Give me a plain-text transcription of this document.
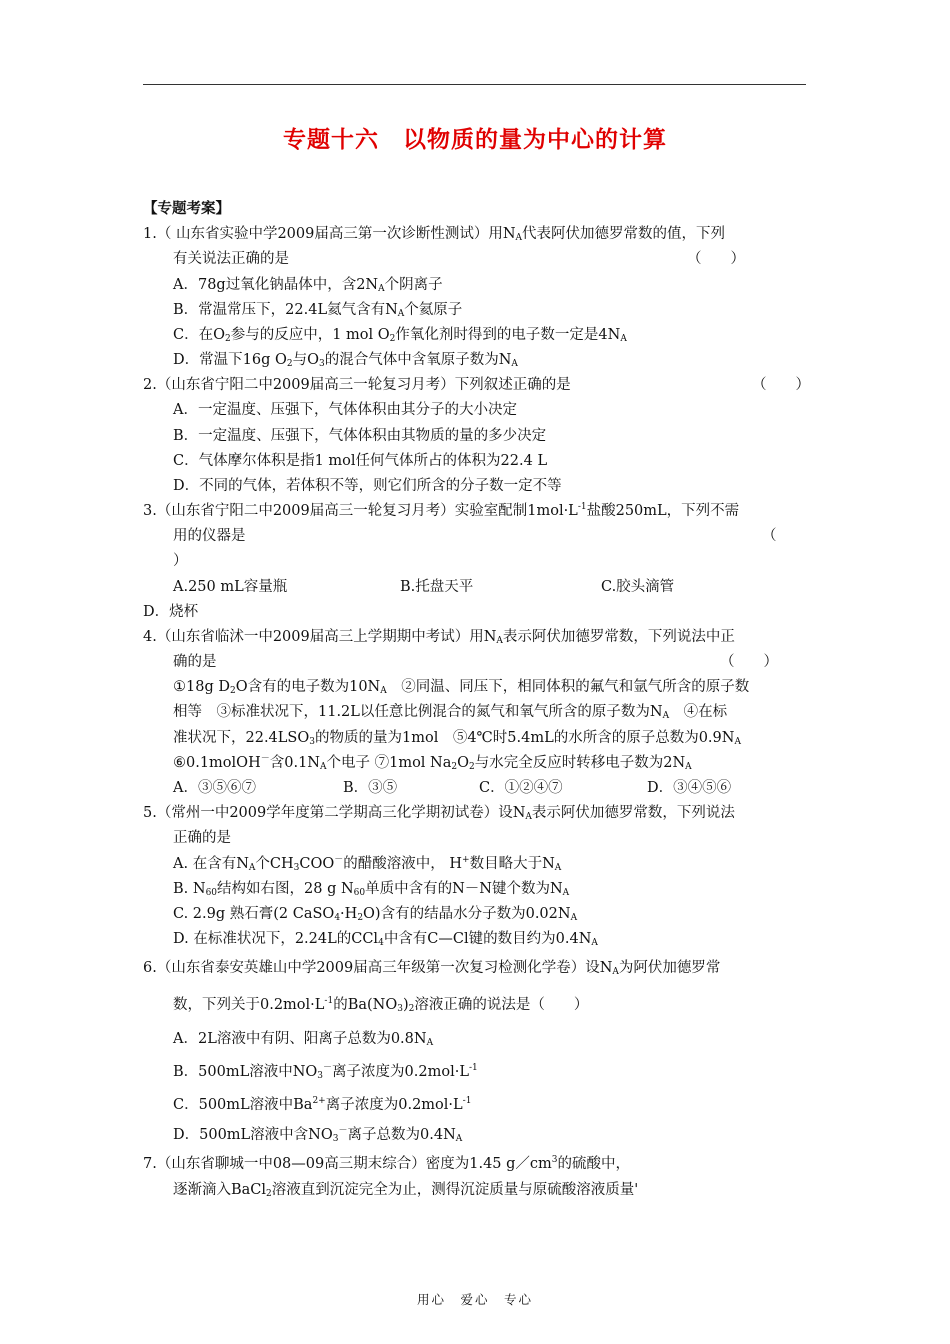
专题十六　以物质的量为中心的计算
【专题考案】
1.（ 山东省实验中学2009届高三第一次诊断性测试）用$N_A$代表阿伏加德罗常数的值，下列
有关说法正确的是	（　　）
A．78g过氧化钠晶体中，含$2N_A$个阴离子
B．常温常压下，22.4L氦气含有$N_A$个氦原子
C．在$O_2$参与的反应中，1 mol $O_2$作氧化剂时得到的电子数一定是$4N_A$
D．常温下16g $O_2$与$O_3$的混合气体中含氧原子数为$N_A$
2.（山东省宁阳二中2009届高三一轮复习月考）下列叙述正确的是	（　　）
A．一定温度、压强下，气体体积由其分子的大小决定
B．一定温度、压强下，气体体积由其物质的量的多少决定
C．气体摩尔体积是指1 mol任何气体所占的体积为22.4 L
D．不同的气体，若体积不等，则它们所含的分子数一定不等
3.（山东省宁阳二中2009届高三一轮复习月考）实验室配制$1mol\cdot L^{-1}$盐酸250mL，下列不需
用的仪器是	（
）
A.250 mL容量瓶	B.托盘天平	C.胶头滴管
D．烧杯
4.（山东省临沭一中2009届高三上学期期中考试）用$N_A$表示阿伏加德罗常数，下列说法中正
确的是	（　　）
①18g $D_2O$含有的电子数为$10N_A$　②同温、同压下，相同体积的氟气和氩气所含的原子数
相等　③标准状况下，11.2L以任意比例混合的氮气和氧气所含的原子数为$N_A$　④在标
准状况下，$22.4LSO_3$的物质的量为1mol　⑤4℃时5.4mL的水所含的原子总数为$0.9N_A$
⑥0.1molOH－含$0.1N_A$个电子 ⑦1mol $Na_2O_2$与水完全反应时转移电子数为$2N_A$
A．③⑤⑥⑦	B．③⑤	C．①②④⑦	D．③④⑤⑥
5.（常州一中2009学年度第二学期高三化学期初试卷）设$N_A$表示阿伏加德罗常数，下列说法
正确的是
A. 在含有$N_A$个$CH_3COO^-$的醋酸溶液中， H+数目略大于$N_A$
B. $N_{60}$结构如右图，28 g $N_{60}$单质中含有的N－N键个数为$N_A$
C. 2.9g 熟石膏(2 $CaSO_4\cdot H_2O$)含有的结晶水分子数为$0.02N_A$
D. 在标准状况下，2.24L的CCl$_4$中含有C—Cl键的数目约为$0.4N_A$
6.（山东省泰安英雄山中学2009届高三年级第一次复习检测化学卷）设$N_A$为阿伏加德罗常
数，下列关于$0.2mol\cdot L^{-1}$的$Ba(NO_3)_2$溶液正确的说法是（　　）
A．2L溶液中有阴、阳离子总数为$0.8N_A$
B．500mL溶液中$NO_3^-$离子浓度为$0.2mol\cdot L^{-1}$
C．500mL溶液中$Ba^{2+}$离子浓度为$0.2mol\cdot L^{-1}$
D．500mL溶液中含$NO_3^-$离子总数为$0.4N_A$
7.（山东省聊城一中08—09高三期末综合）密度为1.45 $g/cm^3$的硫酸中，
逐渐滴入BaCl$_2$溶液直到沉淀完全为止，测得沉淀质量与原硫酸溶液质量'
用心　爱心　专心
